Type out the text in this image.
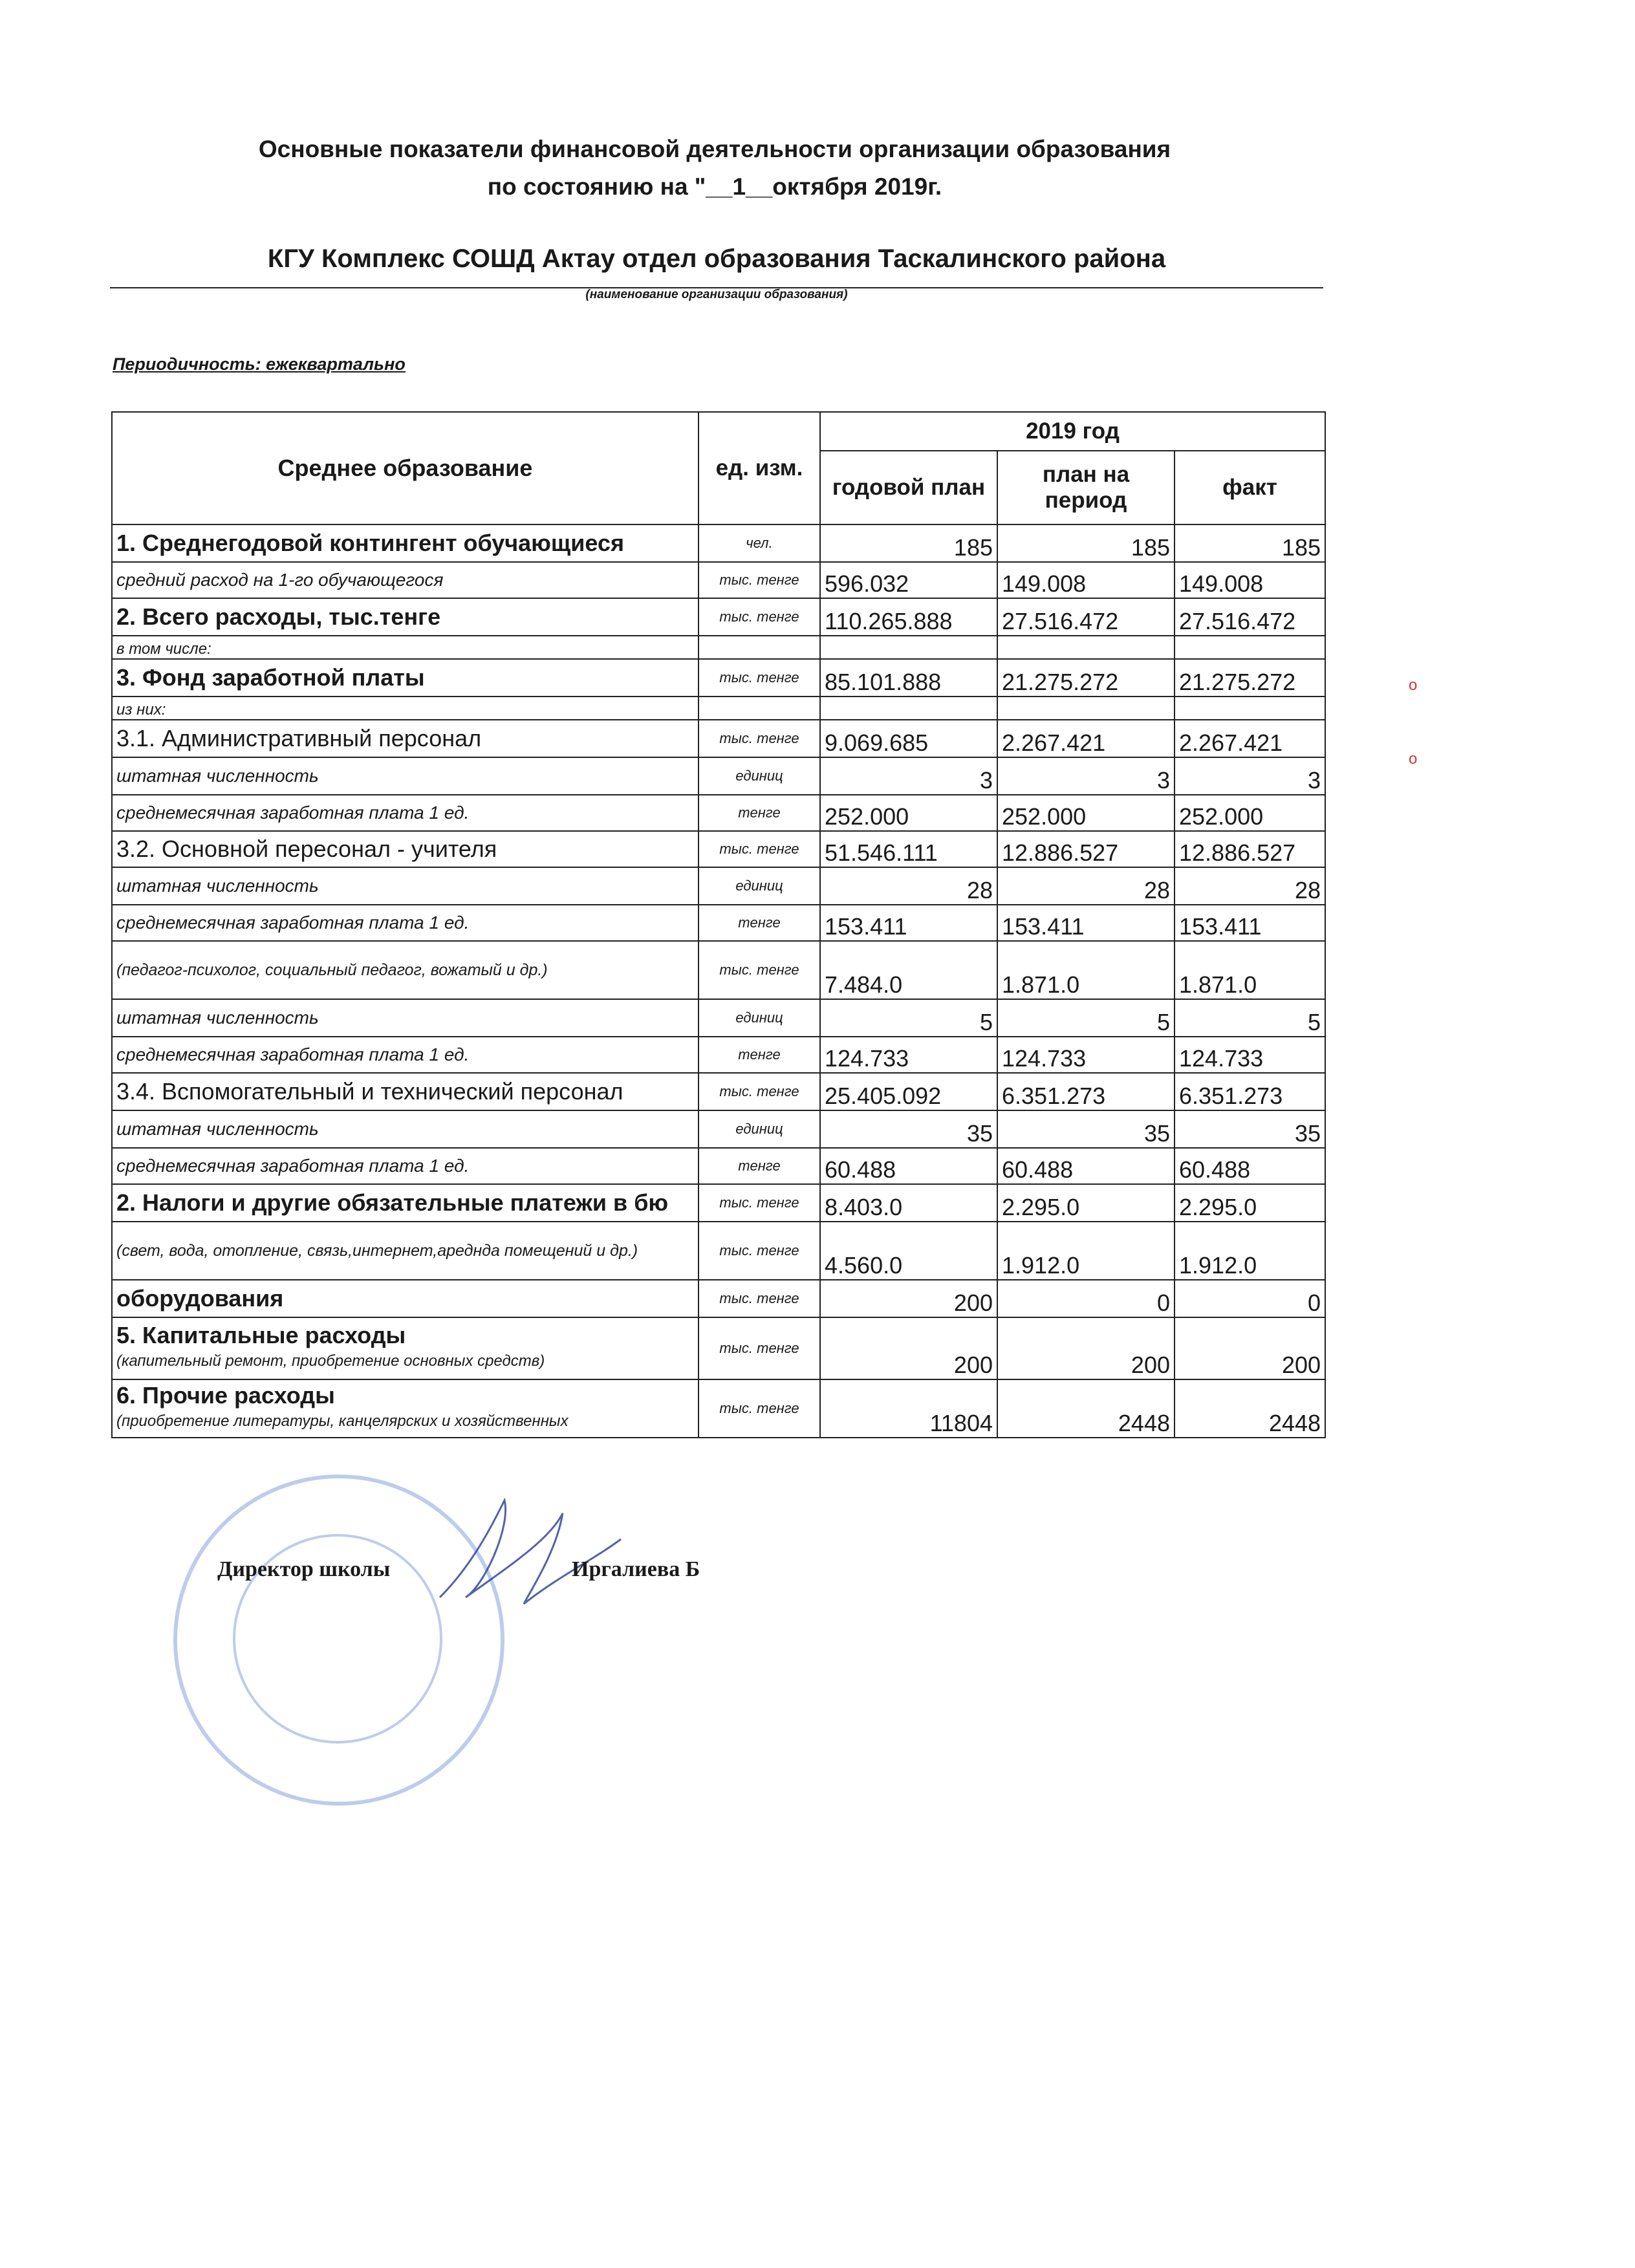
Основные показатели финансовой деятельности организации образования
по состоянию на "__1__октября 2019г.
КГУ Комплекс СОШД Актау отдел образования Таскалинского района
(наименование организации образования)
Периодичность: ежеквартально
Среднее образование	ед. изм.	2019 год		
		годовой план	план на период	факт
1. Среднегодовой контингент обучающиеся	чел.	185	185	185
средний расход на 1-го обучающегося	тыс. тенге	596.032	149.008	149.008
2. Всего расходы, тыс.тенге	тыс. тенге	110.265.888	27.516.472	27.516.472
в том числе:				
3. Фонд заработной платы	тыс. тенге	85.101.888	21.275.272	21.275.272
из них:				
3.1. Административный персонал	тыс. тенге	9.069.685	2.267.421	2.267.421
штатная численность	единиц	3	3	3
среднемесячная заработная плата 1 ед.	тенге	252.000	252.000	252.000
3.2. Основной пересонал - учителя	тыс. тенге	51.546.111	12.886.527	12.886.527
штатная численность	единиц	28	28	28
среднемесячная заработная плата 1 ед.	тенге	153.411	153.411	153.411
(педагог-психолог, социальный педагог, вожатый и др.)	тыс. тенге	7.484.0	1.871.0	1.871.0
штатная численность	единиц	5	5	5
среднемесячная заработная плата 1 ед.	тенге	124.733	124.733	124.733
3.4. Вспомогательный и технический персонал	тыс. тенге	25.405.092	6.351.273	6.351.273
штатная численность	единиц	35	35	35
среднемесячная заработная плата 1 ед.	тенге	60.488	60.488	60.488
2. Налоги и другие обязательные платежи в бю	тыс. тенге	8.403.0	2.295.0	2.295.0
(свет, вода, отопление, связь,интернет,ареднда помещений и др.)	тыс. тенге	4.560.0	1.912.0	1.912.0
оборудования	тыс. тенге	200	0	0
5. Капитальные расходы
(капительный ремонт, приобретение основных средств)	тыс. тенге	200	200	200
6. Прочие расходы
(приобретение литературы, канцелярских и хозяйственных	тыс. тенге	11804	2448	2448
Директор школы	Иргалиева Б
о
о
